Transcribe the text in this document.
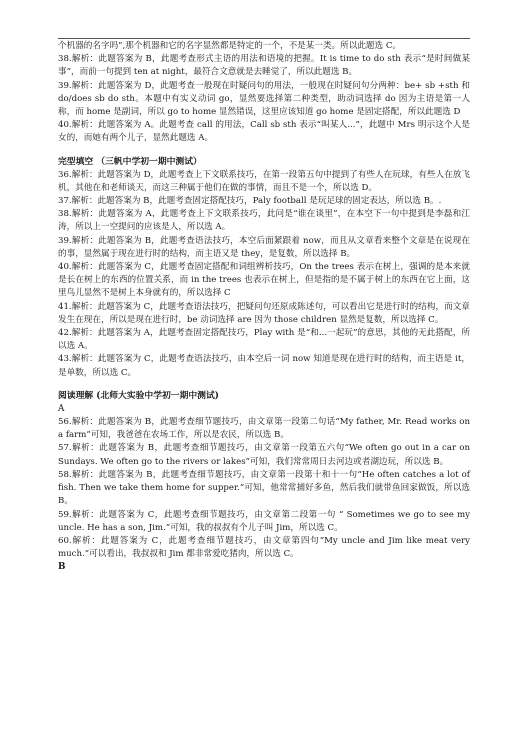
个机器的名字吗”,那个机器和它的名字显然都是特定的一个，不是某一类。所以此题选 C。

38.解析：此题答案为 B，此题考查形式主语的用法和语境的把握。It is time to do sth 表示“是时间做某事”，而前一句提到 ten at night，最符合文意就是去睡觉了，所以此题选 B。

39.解析：此题答案为 D，此题考查一般现在时疑问句的用法，一般现在时疑问句分两种：be+ sb +sth 和 do/does sb do sth。本题中有实义动词 go，显然要选择第二种类型，助动词选择 do 因为主语是第一人称，而 home 是副词，所以 go to home 显然错误，这里应该知道 go home 是固定搭配，所以此题选 D

40.解析：此题答案为 A。此题考查 call 的用法，Call sb sth 表示“叫某人...”，此题中 Mrs 明示这个人是女的，而她有两个儿子，显然此题选 A。

完型填空 （三帆中学初一期中测试）

36.解析：此题答案为 D，此题考查上下文联系技巧，在第一段第五句中提到了有些人在玩球，有些人在放飞机，其他在和老师谈天，而这三种属于他们在做的事情，而且不是一个，所以选 D。

37.解析：此题答案为 B，此题考查固定搭配技巧，Paly football 是玩足球的固定表达，所以选 B。.

38.解析：此题答案为 A，此题考查上下文联系技巧，此问是“谁在谈里”，在本空下一句中提到是李磊和江涛，所以上一空提问的应该是人，所以选 A。

39.解析：此题答案为 B，此题考查语法技巧，本空后面紧跟着 now，而且从文章看来整个文章是在说现在的事，显然属于现在进行时的结构，而主语又是 they，是复数，所以选择 B。

40.解析：此题答案为 C，此题考查固定搭配和词组辨析技巧，On the trees 表示在树上，强调的是本来就是长在树上的东西的位置关系，而 in the trees 也表示在树上，但是指的是不属于树上的东西在它上面，这里鸟儿显然不是树上本身就有的，所以选择 C

41.解析：此题答案为 C，此题考查语法技巧，把疑问句还原成陈述句，可以看出它是进行时的结构，而文章发生在现在，所以是现在进行时，be 动词选择 are 因为 those children 显然是复数，所以选择 C。

42.解析：此题答案为 A，此题考查固定搭配技巧，Play with 是“和...一起玩”的意思，其他的无此搭配，所以选 A。

43.解析：此题答案为 C，此题考查语法技巧，由本空后一词 now 知道是现在进行时的结构，而主语是 it，是单数，所以选 C。

阅读理解 (北师大实验中学初一期中测试)

A

56.解析：此题答案为 B，此题考查细节题技巧，由文章第一段第二句话“My father, Mr. Read works on a farm”可知，我爸爸在农场工作，所以是农民，所以选 B。

57.解析：此题答案为 B，此题考查细节题技巧，由文章第一段第五六句“We often go out in a car on Sundays. We often go to the rivers or lakes”可知，我们常常周日去河边或者湖边玩，所以选 B。

58.解析：此题答案为 B，此题考查细节题技巧，由文章第一段第十和十一句“He often catches a lot of fish. Then we take them home for supper.”可知，他常常捕好多鱼，然后我们就带鱼回家做饭，所以选 B。

59.解析：此题答案为 C，此题考查细节题技巧，由文章第二段第一句 “ Sometimes we go to see my uncle. He has a son, Jim.”可知，我的叔叔有个儿子叫 Jim，所以选 C。

60.解析：此题答案为 C，此题考查细节题技巧，由文章第四句“My uncle and Jim like meat very much.”可以看出，我叔叔和 Jim 都非常爱吃猪肉，所以选 C。

B
